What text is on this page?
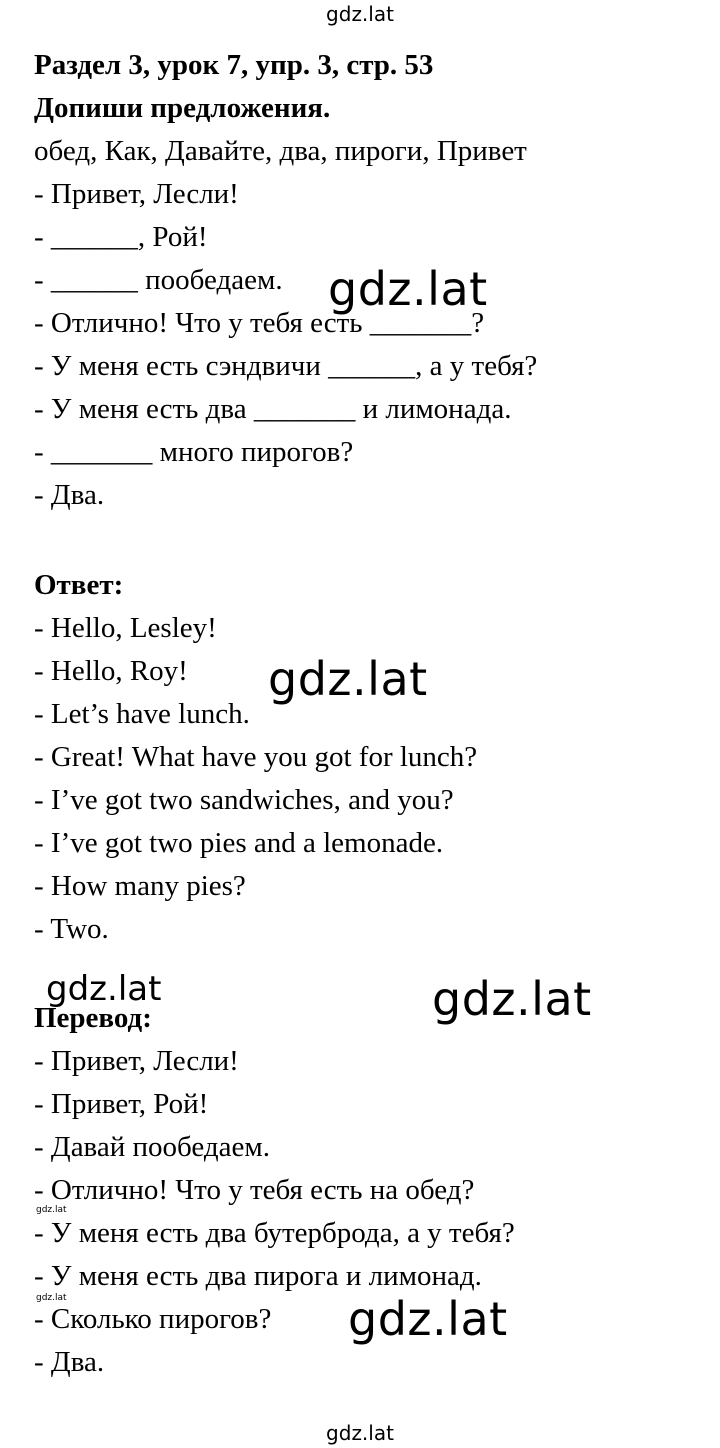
gdz.lat
Раздел 3, урок 7, упр. 3, стр. 53
Допиши предложения.
обед, Как, Давайте, два, пироги, Привет
- Привет, Лесли!
- ______, Рой!
- ______ пообедаем.
- Отлично! Что у тебя есть _______?
- У меня есть сэндвичи ______, а у тебя?
- У меня есть два _______ и лимонада.
- _______ много пирогов?
- Два.
Ответ:
- Hello, Lesley!
- Hello, Roy!
- Let’s have lunch.
- Great! What have you got for lunch?
- I’ve got two sandwiches, and you?
- I’ve got two pies and a lemonade.
- How many pies?
- Two.
Перевод:
- Привет, Лесли!
- Привет, Рой!
- Давай пообедаем.
- Отлично! Что у тебя есть на обед?
- У меня есть два бутерброда, а у тебя?
- У меня есть два пирога и лимонад.
- Сколько пирогов?
- Два.
gdz.lat
gdz.lat
gdz.lat	gdz.lat
gdz.lat
gdz.lat	gdz.lat
gdz.lat
